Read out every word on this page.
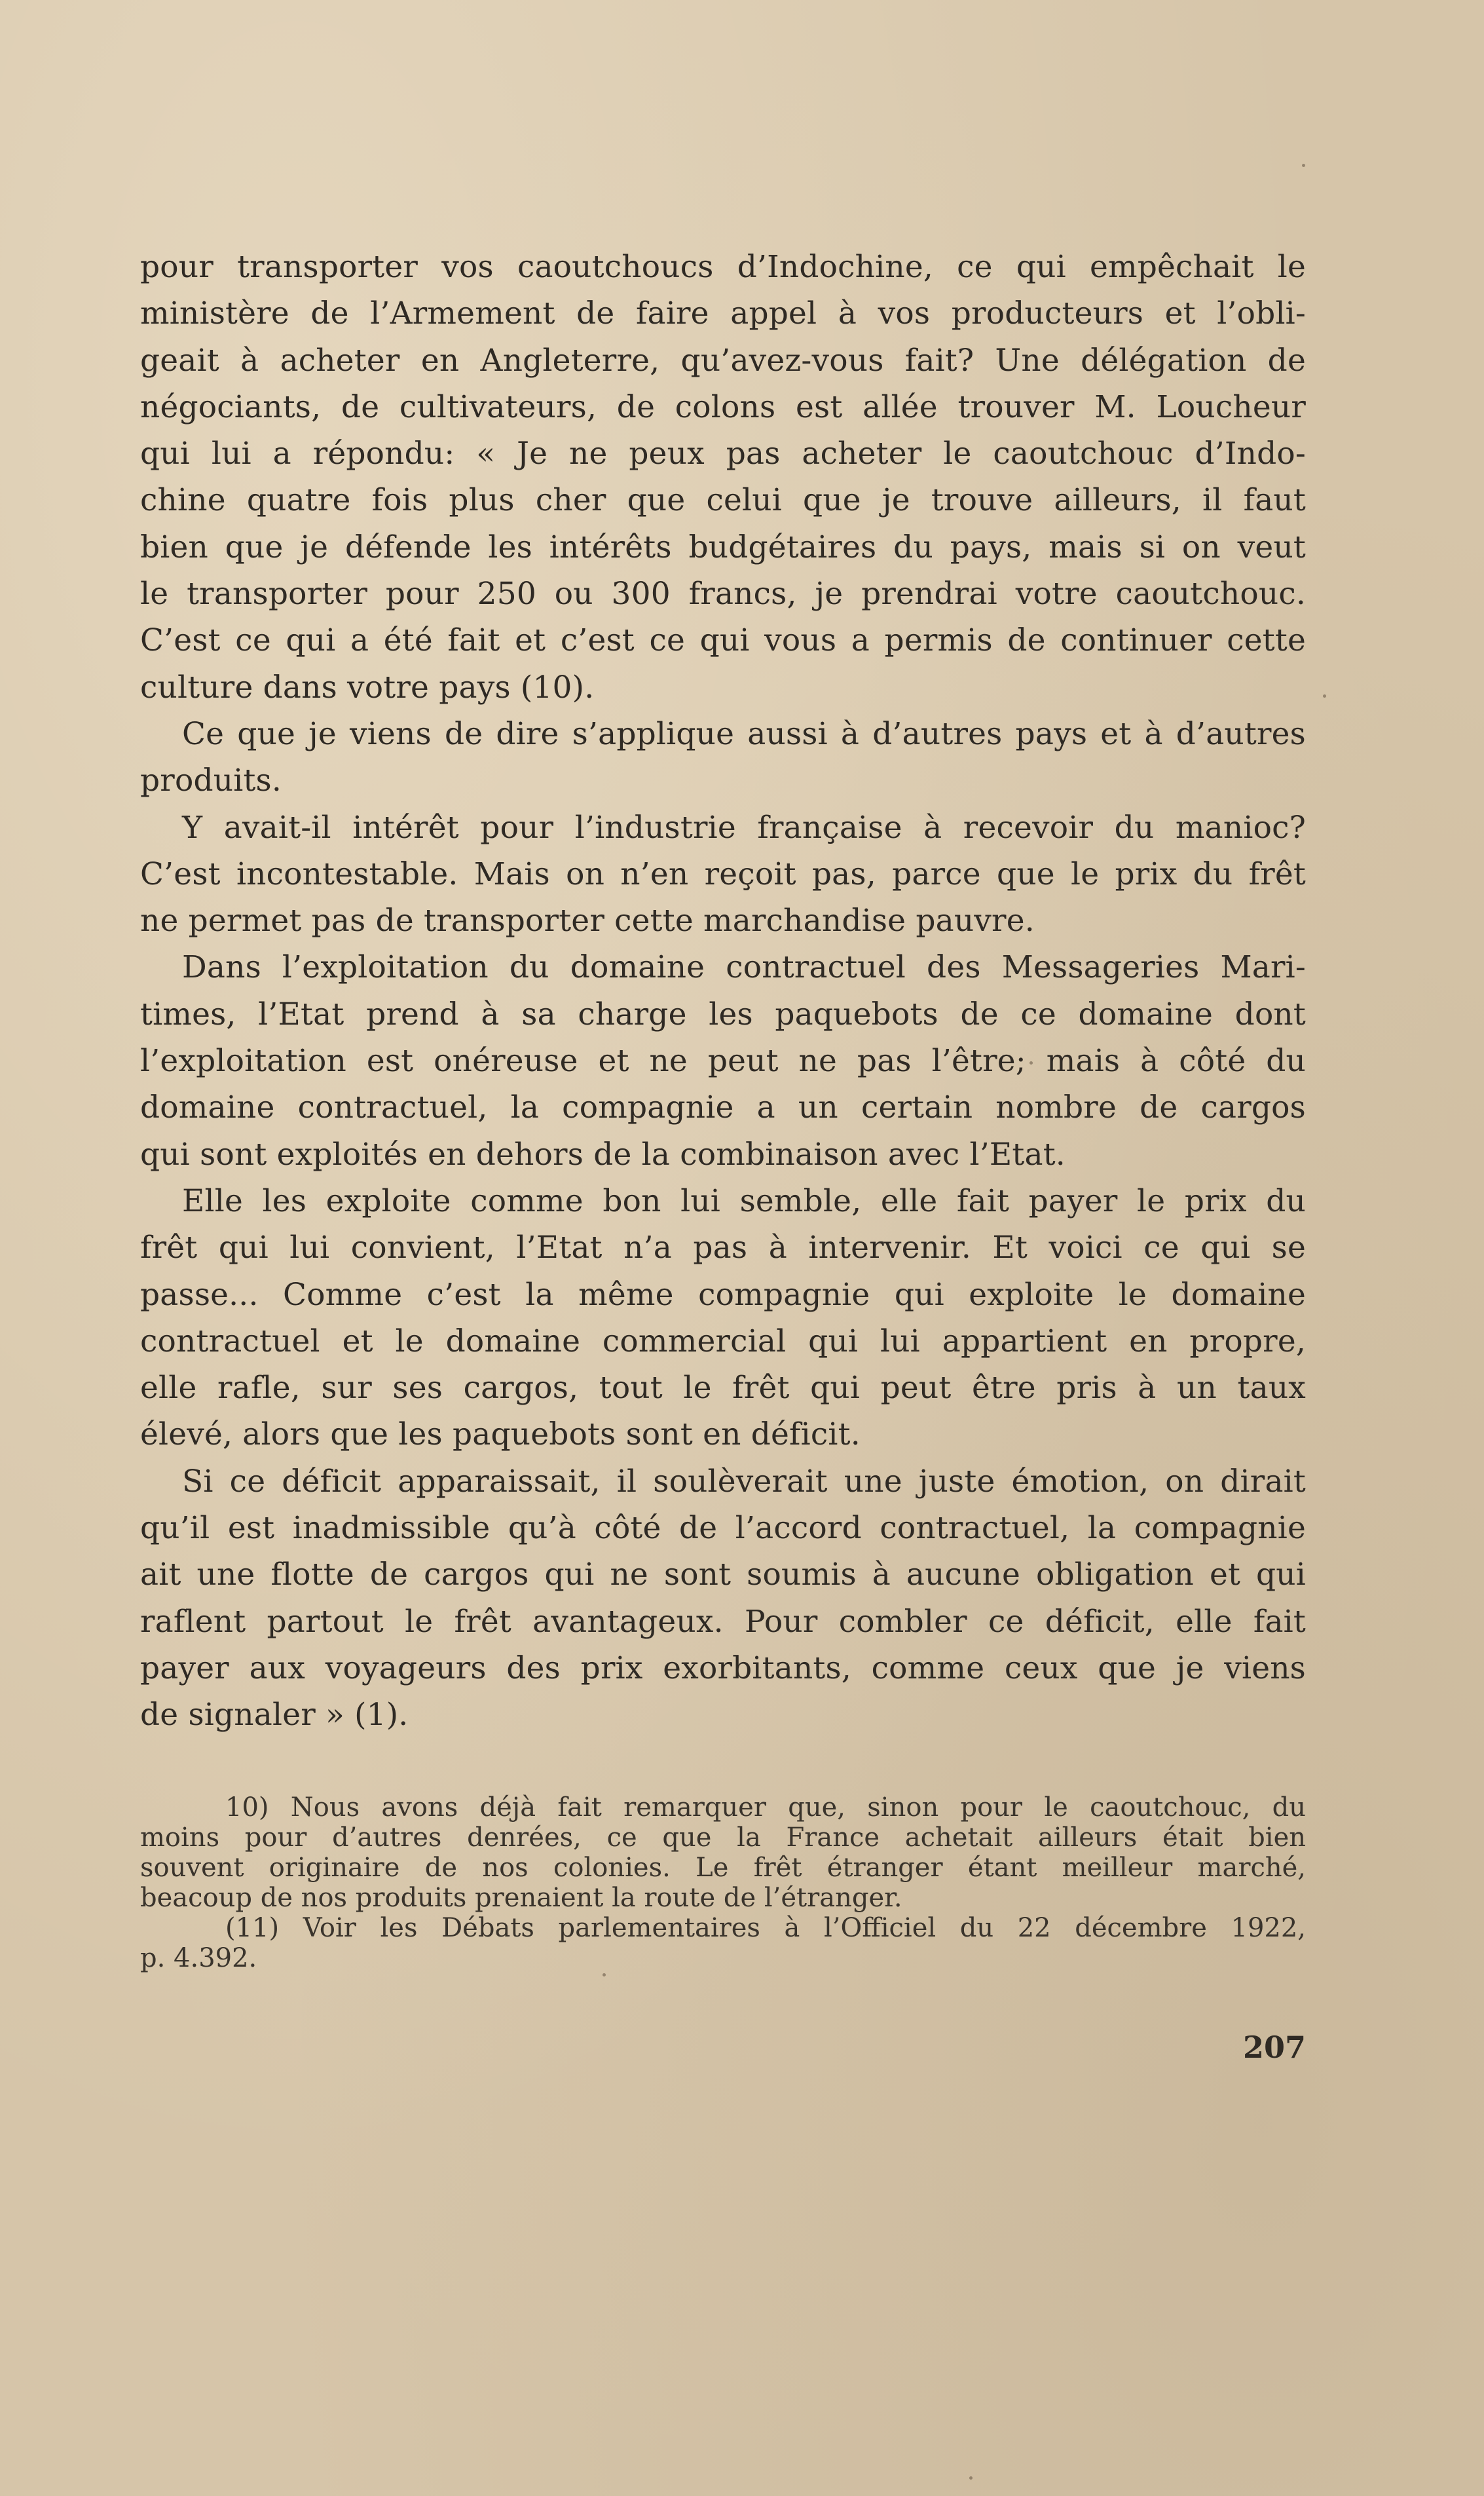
pour transporter vos caoutchoucs d’Indochine, ce qui empêchait le
ministère de l’Armement de faire appel à vos producteurs et l’obli-
geait à acheter en Angleterre, qu’avez-vous fait? Une délégation de
négociants, de cultivateurs, de colons est allée trouver M. Loucheur
qui lui a répondu: « Je ne peux pas acheter le caoutchouc d’Indo-
chine quatre fois plus cher que celui que je trouve ailleurs, il faut
bien que je défende les intérêts budgétaires du pays, mais si on veut
le transporter pour 250 ou 300 francs, je prendrai votre caoutchouc.
C’est ce qui a été fait et c’est ce qui vous a permis de continuer cette
culture dans votre pays (10).
Ce que je viens de dire s’applique aussi à d’autres pays et à d’autres
produits.
Y avait-il intérêt pour l’industrie française à recevoir du manioc?
C’est incontestable. Mais on n’en reçoit pas, parce que le prix du frêt
ne permet pas de transporter cette marchandise pauvre.
Dans l’exploitation du domaine contractuel des Messageries Mari-
times, l’Etat prend à sa charge les paquebots de ce domaine dont
l’exploitation est onéreuse et ne peut ne pas l’être; mais à côté du
domaine contractuel, la compagnie a un certain nombre de cargos
qui sont exploités en dehors de la combinaison avec l’Etat.
Elle les exploite comme bon lui semble, elle fait payer le prix du
frêt qui lui convient, l’Etat n’a pas à intervenir. Et voici ce qui se
passe... Comme c’est la même compagnie qui exploite le domaine
contractuel et le domaine commercial qui lui appartient en propre,
elle rafle, sur ses cargos, tout le frêt qui peut être pris à un taux
élevé, alors que les paquebots sont en déficit.
Si ce déficit apparaissait, il soulèverait une juste émotion, on dirait
qu’il est inadmissible qu’à côté de l’accord contractuel, la compagnie
ait une flotte de cargos qui ne sont soumis à aucune obligation et qui
raflent partout le frêt avantageux. Pour combler ce déficit, elle fait
payer aux voyageurs des prix exorbitants, comme ceux que je viens
de signaler » (1).
10) Nous avons déjà fait remarquer que, sinon pour le caoutchouc, du
moins pour d’autres denrées, ce que la France achetait ailleurs était bien
souvent originaire de nos colonies. Le frêt étranger étant meilleur marché,
beacoup de nos produits prenaient la route de l’étranger.
(11) Voir les Débats parlementaires à l’Officiel du 22 décembre 1922,
p. 4.392.
207
